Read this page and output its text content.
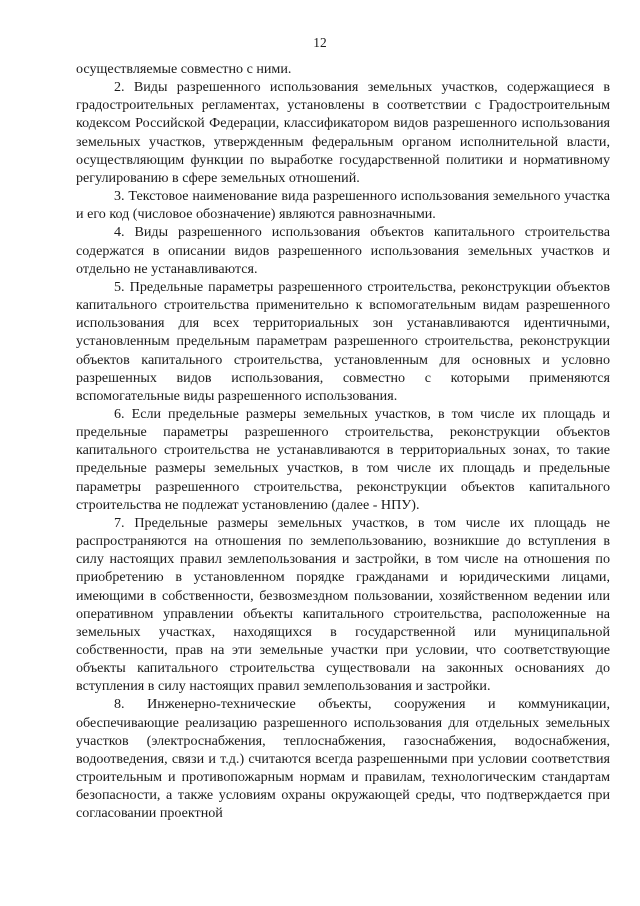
12

осуществляемые совместно с ними.

2. Виды разрешенного использования земельных участков, содержащиеся в градостроительных регламентах, установлены в соответствии с Градостроительным кодексом Российской Федерации, классификатором видов разрешенного использования земельных участков, утвержденным федеральным органом исполнительной власти, осуществляющим функции по выработке государственной политики и нормативному регулированию в сфере земельных отношений.

3. Текстовое наименование вида разрешенного использования земельного участка и его код (числовое обозначение) являются равнозначными.

4. Виды разрешенного использования объектов капитального строительства содержатся в описании видов разрешенного использования земельных участков и отдельно не устанавливаются.

5. Предельные параметры разрешенного строительства, реконструкции объектов капитального строительства применительно к вспомогательным видам разрешенного использования для всех территориальных зон устанавливаются идентичными, установленным предельным параметрам разрешенного строительства, реконструкции объектов капитального строительства, установленным для основных и условно разрешенных видов использования, совместно с которыми применяются вспомогательные виды разрешенного использования.

6. Если предельные размеры земельных участков, в том числе их площадь и предельные параметры разрешенного строительства, реконструкции объектов капитального строительства не устанавливаются в территориальных зонах, то такие предельные размеры земельных участков, в том числе их площадь и предельные параметры разрешенного строительства, реконструкции объектов капитального строительства не подлежат установлению (далее - НПУ).

7. Предельные размеры земельных участков, в том числе их площадь не распространяются на отношения по землепользованию, возникшие до вступления в силу настоящих правил землепользования и застройки, в том числе на отношения по приобретению в установленном порядке гражданами и юридическими лицами, имеющими в собственности, безвозмездном пользовании, хозяйственном ведении или оперативном управлении объекты капитального строительства, расположенные на земельных участках, находящихся в государственной или муниципальной собственности, прав на эти земельные участки при условии, что соответствующие объекты капитального строительства существовали на законных основаниях до вступления в силу настоящих правил землепользования и застройки.

8. Инженерно-технические объекты, сооружения и коммуникации, обеспечивающие реализацию разрешенного использования для отдельных земельных участков (электроснабжения, теплоснабжения, газоснабжения, водоснабжения, водоотведения, связи и т.д.) считаются всегда разрешенными при условии соответствия строительным и противопожарным нормам и правилам, технологическим стандартам безопасности, а также условиям охраны окружающей среды, что подтверждается при согласовании проектной
